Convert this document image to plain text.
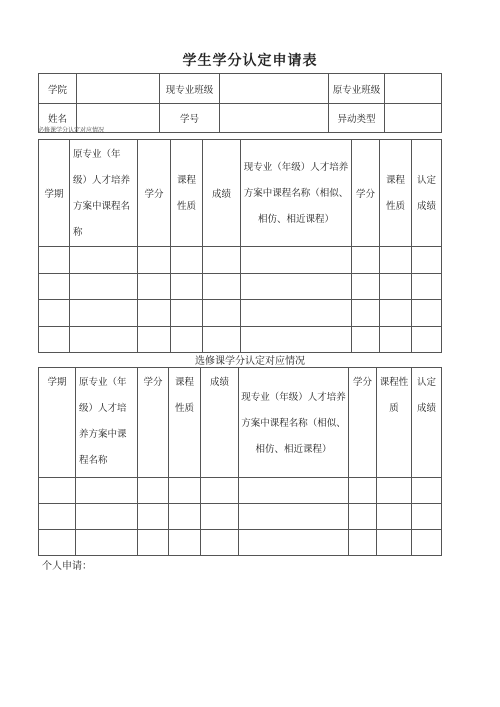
学生学分认定申请表
学院		现专业班级		原专业班级	
姓名		学号		异动类型	
必修课学分认定对应情况
学期	原专业（年级）人才培养方案中课程名称	学分	课程性质	成绩	现专业（年级）人才培养方案中课程名称（相似、相仿、相近课程）	学分	课程性质	认定成绩

选修课学分认定对应情况
学期	原专业（年级）人才培养方案中课程名称	学分	课程性质	成绩	现专业（年级）人才培养方案中课程名称（相似、相仿、相近课程）	学分	课程性质	认定成绩

个人申请：
